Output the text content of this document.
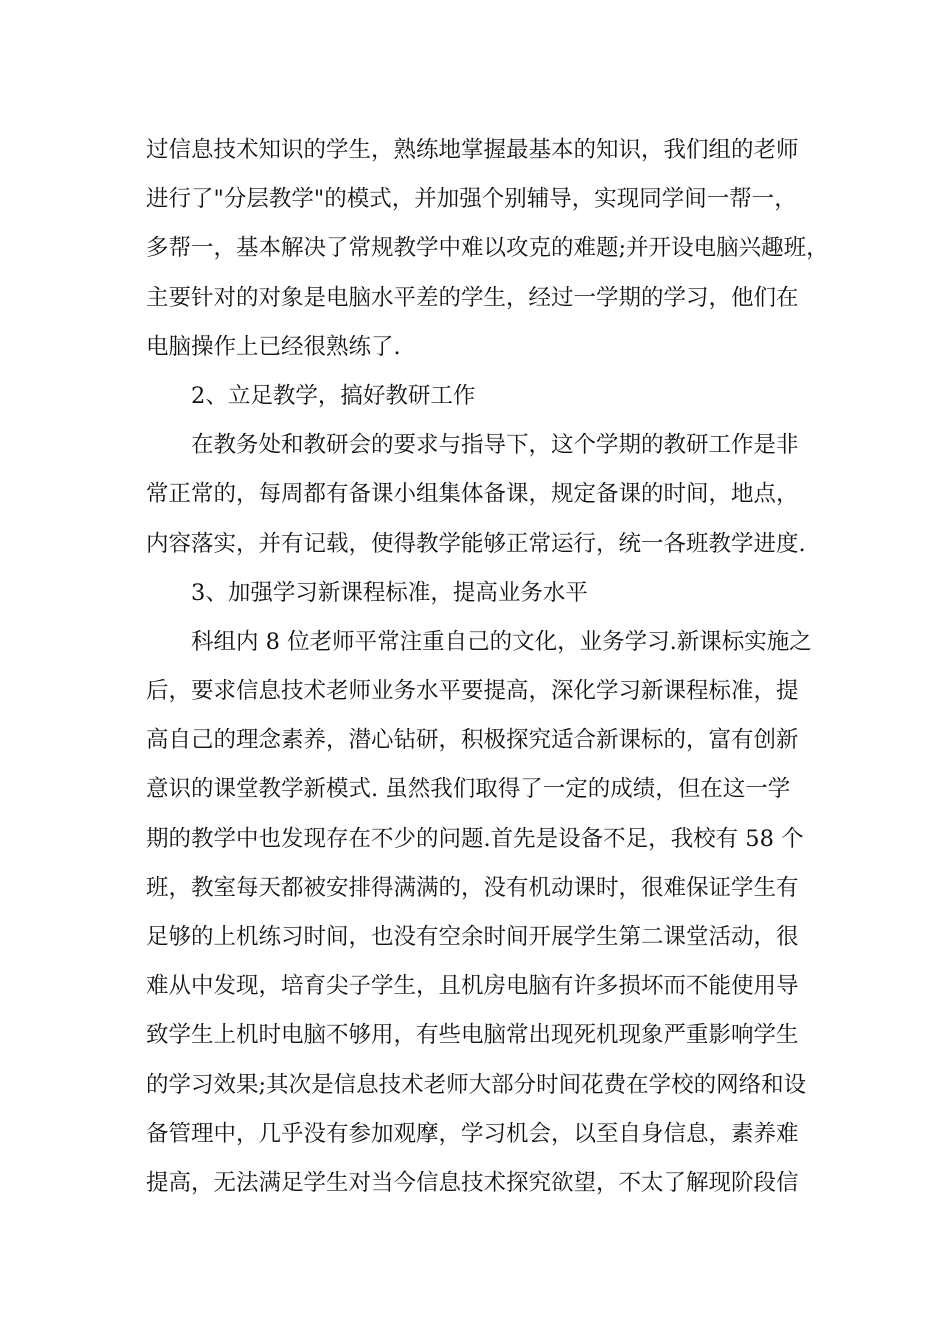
过信息技术知识的学生，熟练地掌握最基本的知识，我们组的老师
进行了"分层教学"的模式，并加强个别辅导，实现同学间一帮一，
多帮一，基本解决了常规教学中难以攻克的难题;并开设电脑兴趣班，
主要针对的对象是电脑水平差的学生，经过一学期的学习，他们在
电脑操作上已经很熟练了.
2、立足教学，搞好教研工作
在教务处和教研会的要求与指导下，这个学期的教研工作是非
常正常的，每周都有备课小组集体备课，规定备课的时间，地点，
内容落实，并有记载，使得教学能够正常运行，统一各班教学进度.
3、加强学习新课程标准，提高业务水平
科组内 8 位老师平常注重自己的文化，业务学习.新课标实施之
后，要求信息技术老师业务水平要提高，深化学习新课程标准，提
高自己的理念素养，潜心钻研，积极探究适合新课标的，富有创新
意识的课堂教学新模式. 虽然我们取得了一定的成绩，但在这一学
期的教学中也发现存在不少的问题.首先是设备不足，我校有 58 个
班，教室每天都被安排得满满的，没有机动课时，很难保证学生有
足够的上机练习时间，也没有空余时间开展学生第二课堂活动，很
难从中发现，培育尖子学生，且机房电脑有许多损坏而不能使用导
致学生上机时电脑不够用，有些电脑常出现死机现象严重影响学生
的学习效果;其次是信息技术老师大部分时间花费在学校的网络和设
备管理中，几乎没有参加观摩，学习机会，以至自身信息，素养难
提高，无法满足学生对当今信息技术探究欲望，不太了解现阶段信
